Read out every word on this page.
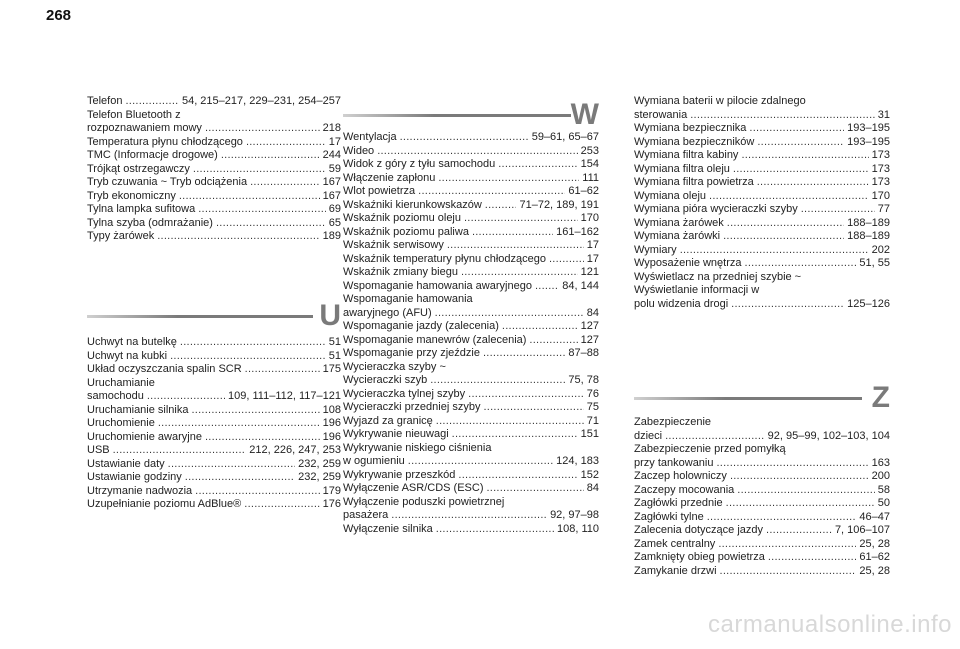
268
Telefon . . .	54, 215–217, 229–231, 254–257
Telefon Bluetooth z
rozpoznawaniem mowy . . .	218
Temperatura płynu chłodzącego . . .	17
TMC (Informacje drogowe) . . .	244
Trójkąt ostrzegawczy . . .	59
Tryb czuwania ~ Tryb odciążenia . . .	167
Tryb ekonomiczny . . .	167
Tylna lampka sufitowa . . .	69
Tylna szyba (odmrażanie) . . .	65
Typy żarówek . . .	189
U
Uchwyt na butelkę . . .	51
Uchwyt na kubki . . .	51
Układ oczyszczania spalin SCR . . .	175
Uruchamianie
samochodu . . .	109, 111–112, 117–121
Uruchamianie silnika . . .	108
Uruchomienie . . .	196
Uruchomienie awaryjne . . .	196
USB . . .	212, 226, 247, 253
Ustawianie daty . . .	232, 259
Ustawianie godziny . . .	232, 259
Utrzymanie nadwozia . . .	179
Uzupełnianie poziomu AdBlue® . . .	176
W
Wentylacja . . .	59–61, 65–67
Wideo . . .	253
Widok z góry z tyłu samochodu . . .	154
Włączenie zapłonu . . .	111
Wlot powietrza . . .	61–62
Wskaźniki kierunkowskazów . . .	71–72, 189, 191
Wskaźnik poziomu oleju . . .	170
Wskaźnik poziomu paliwa . . .	161–162
Wskaźnik serwisowy . . .	17
Wskaźnik temperatury płynu chłodzącego . . .	17
Wskaźnik zmiany biegu . . .	121
Wspomaganie hamowania awaryjnego . . .	84, 144
Wspomaganie hamowania
awaryjnego (AFU) . . .	84
Wspomaganie jazdy (zalecenia) . . .	127
Wspomaganie manewrów (zalecenia) . . .	127
Wspomaganie przy zjeździe . . .	87–88
Wycieraczka szyby ~
Wycieraczki szyb . . .	75, 78
Wycieraczka tylnej szyby . . .	76
Wycieraczki przedniej szyby . . .	75
Wyjazd za granicę . . .	71
Wykrywanie nieuwagi . . .	151
Wykrywanie niskiego ciśnienia
w ogumieniu . . .	124, 183
Wykrywanie przeszkód . . .	152
Wyłączenie ASR/CDS (ESC) . . .	84
Wyłączenie poduszki powietrznej
pasażera . . .	92, 97–98
Wyłączenie silnika . . .	108, 110
Wymiana baterii w pilocie zdalnego
sterowania . . .	31
Wymiana bezpiecznika . . .	193–195
Wymiana bezpieczników . . .	193–195
Wymiana filtra kabiny . . .	173
Wymiana filtra oleju . . .	173
Wymiana filtra powietrza . . .	173
Wymiana oleju . . .	170
Wymiana pióra wycieraczki szyby . . .	77
Wymiana żarówek . . .	188–189
Wymiana żarówki . . .	188–189
Wymiary . . .	202
Wyposażenie wnętrza . . .	51, 55
Wyświetlacz na przedniej szybie ~
Wyświetlanie informacji w
polu widzenia drogi . . .	125–126
Z
Zabezpieczenie
dzieci . . .	92, 95–99, 102–103, 104
Zabezpieczenie przed pomyłką
przy tankowaniu . . .	163
Zaczep holowniczy . . .	200
Zaczepy mocowania . . .	58
Zagłówki przednie . . .	50
Zagłówki tylne . . .	46–47
Zalecenia dotyczące jazdy . . .	7, 106–107
Zamek centralny . . .	25, 28
Zamknięty obieg powietrza . . .	61–62
Zamykanie drzwi . . .	25, 28
carmanualsonline.info
